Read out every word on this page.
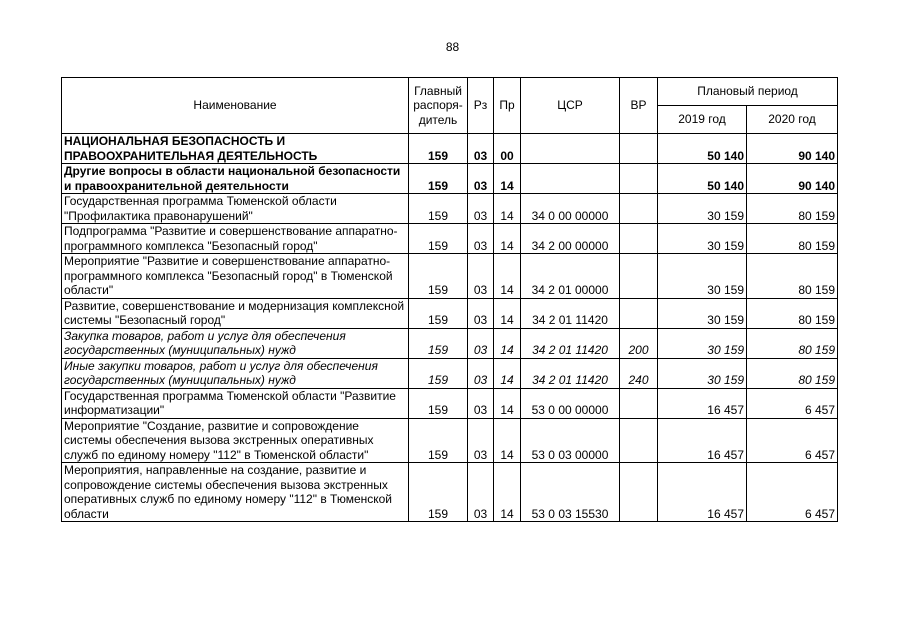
88
Наименование	Главный
распоря-
дитель	Рз	Пр	ЦСР	ВР	Плановый период	
						2019 год	2020 год
НАЦИОНАЛЬНАЯ БЕЗОПАСНОСТЬ И ПРАВООХРАНИТЕЛЬНАЯ ДЕЯТЕЛЬНОСТЬ	159	03	00			50 140	90 140
Другие вопросы в области национальной безопасности и правоохранительной деятельности	159	03	14			50 140	90 140
Государственная программа Тюменской области "Профилактика правонарушений"	159	03	14	34 0 00 00000		30 159	80 159
Подпрограмма "Развитие и совершенствование аппаратно-программного комплекса "Безопасный город"	159	03	14	34 2 00 00000		30 159	80 159
Мероприятие "Развитие и совершенствование аппаратно-программного комплекса "Безопасный город" в Тюменской области"	159	03	14	34 2 01 00000		30 159	80 159
Развитие, совершенствование и модернизация комплексной системы "Безопасный город"	159	03	14	34 2 01 11420		30 159	80 159
Закупка товаров, работ и услуг для обеспечения государственных (муниципальных) нужд	159	03	14	34 2 01 11420	200	30 159	80 159
Иные закупки товаров, работ и услуг для обеспечения государственных (муниципальных) нужд	159	03	14	34 2 01 11420	240	30 159	80 159
Государственная программа Тюменской области "Развитие информатизации"	159	03	14	53 0 00 00000		16 457	6 457
Мероприятие "Создание, развитие и сопровождение системы обеспечения вызова экстренных оперативных служб по единому номеру "112" в Тюменской области"	159	03	14	53 0 03 00000		16 457	6 457
Мероприятия, направленные на создание, развитие и сопровождение системы обеспечения вызова экстренных оперативных служб по единому номеру "112" в Тюменской области	159	03	14	53 0 03 15530		16 457	6 457
